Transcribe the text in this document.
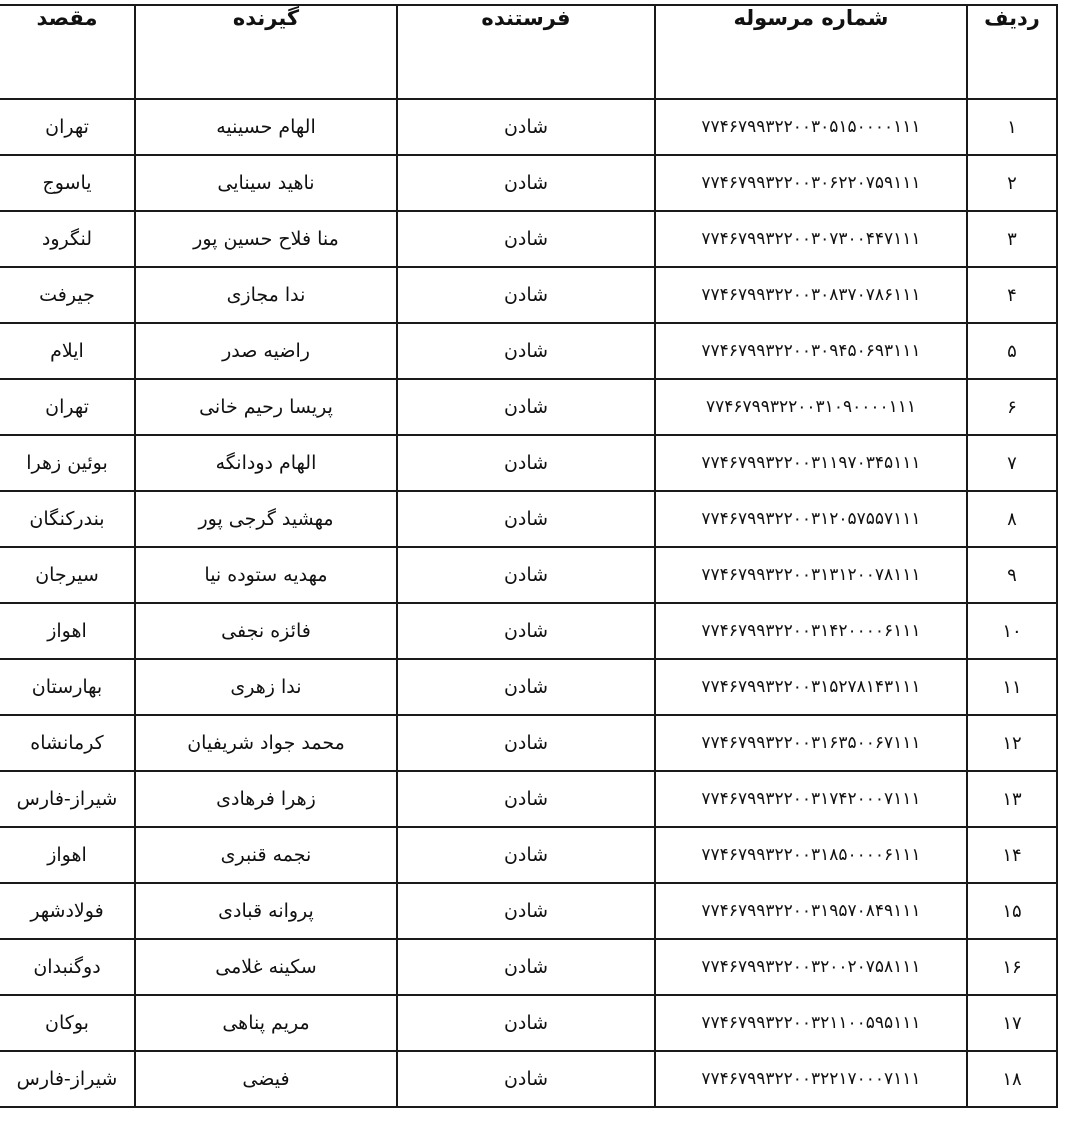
مقصد	گیرنده	فرستنده	شماره مرسوله	ردیف
تهران	الهام حسینیه	شادن	۷۷۴۶۷۹۹۳۲۲۰۰۳۰۵۱۵۰۰۰۰۱۱۱	۱
یاسوج	ناهید سینایی	شادن	۷۷۴۶۷۹۹۳۲۲۰۰۳۰۶۲۲۰۷۵۹۱۱۱	۲
لنگرود	منا فلاح حسین پور	شادن	۷۷۴۶۷۹۹۳۲۲۰۰۳۰۷۳۰۰۴۴۷۱۱۱	۳
جیرفت	ندا مجازی	شادن	۷۷۴۶۷۹۹۳۲۲۰۰۳۰۸۳۷۰۷۸۶۱۱۱	۴
ایلام	راضیه صدر	شادن	۷۷۴۶۷۹۹۳۲۲۰۰۳۰۹۴۵۰۶۹۳۱۱۱	۵
تهران	پریسا رحیم خانی	شادن	۷۷۴۶۷۹۹۳۲۲۰۰۳۱۰۹۰۰۰۰۱۱۱	۶
بوئین زهرا	الهام دودانگه	شادن	۷۷۴۶۷۹۹۳۲۲۰۰۳۱۱۹۷۰۳۴۵۱۱۱	۷
بندرکنگان	مهشید گرجی پور	شادن	۷۷۴۶۷۹۹۳۲۲۰۰۳۱۲۰۵۷۵۵۷۱۱۱	۸
سیرجان	مهدیه ستوده نیا	شادن	۷۷۴۶۷۹۹۳۲۲۰۰۳۱۳۱۲۰۰۷۸۱۱۱	۹
اهواز	فائزه نجفی	شادن	۷۷۴۶۷۹۹۳۲۲۰۰۳۱۴۲۰۰۰۰۶۱۱۱	۱۰
بهارستان	ندا زهری	شادن	۷۷۴۶۷۹۹۳۲۲۰۰۳۱۵۲۷۸۱۴۳۱۱۱	۱۱
کرمانشاه	محمد جواد شریفیان	شادن	۷۷۴۶۷۹۹۳۲۲۰۰۳۱۶۳۵۰۰۶۷۱۱۱	۱۲
شیراز-فارس	زهرا فرهادی	شادن	۷۷۴۶۷۹۹۳۲۲۰۰۳۱۷۴۲۰۰۰۷۱۱۱	۱۳
اهواز	نجمه قنبری	شادن	۷۷۴۶۷۹۹۳۲۲۰۰۳۱۸۵۰۰۰۰۶۱۱۱	۱۴
فولادشهر	پروانه قبادی	شادن	۷۷۴۶۷۹۹۳۲۲۰۰۳۱۹۵۷۰۸۴۹۱۱۱	۱۵
دوگنبدان	سکینه غلامی	شادن	۷۷۴۶۷۹۹۳۲۲۰۰۳۲۰۰۲۰۷۵۸۱۱۱	۱۶
بوکان	مریم پناهی	شادن	۷۷۴۶۷۹۹۳۲۲۰۰۳۲۱۱۰۰۵۹۵۱۱۱	۱۷
شیراز-فارس	فیضی	شادن	۷۷۴۶۷۹۹۳۲۲۰۰۳۲۲۱۷۰۰۰۷۱۱۱	۱۸
